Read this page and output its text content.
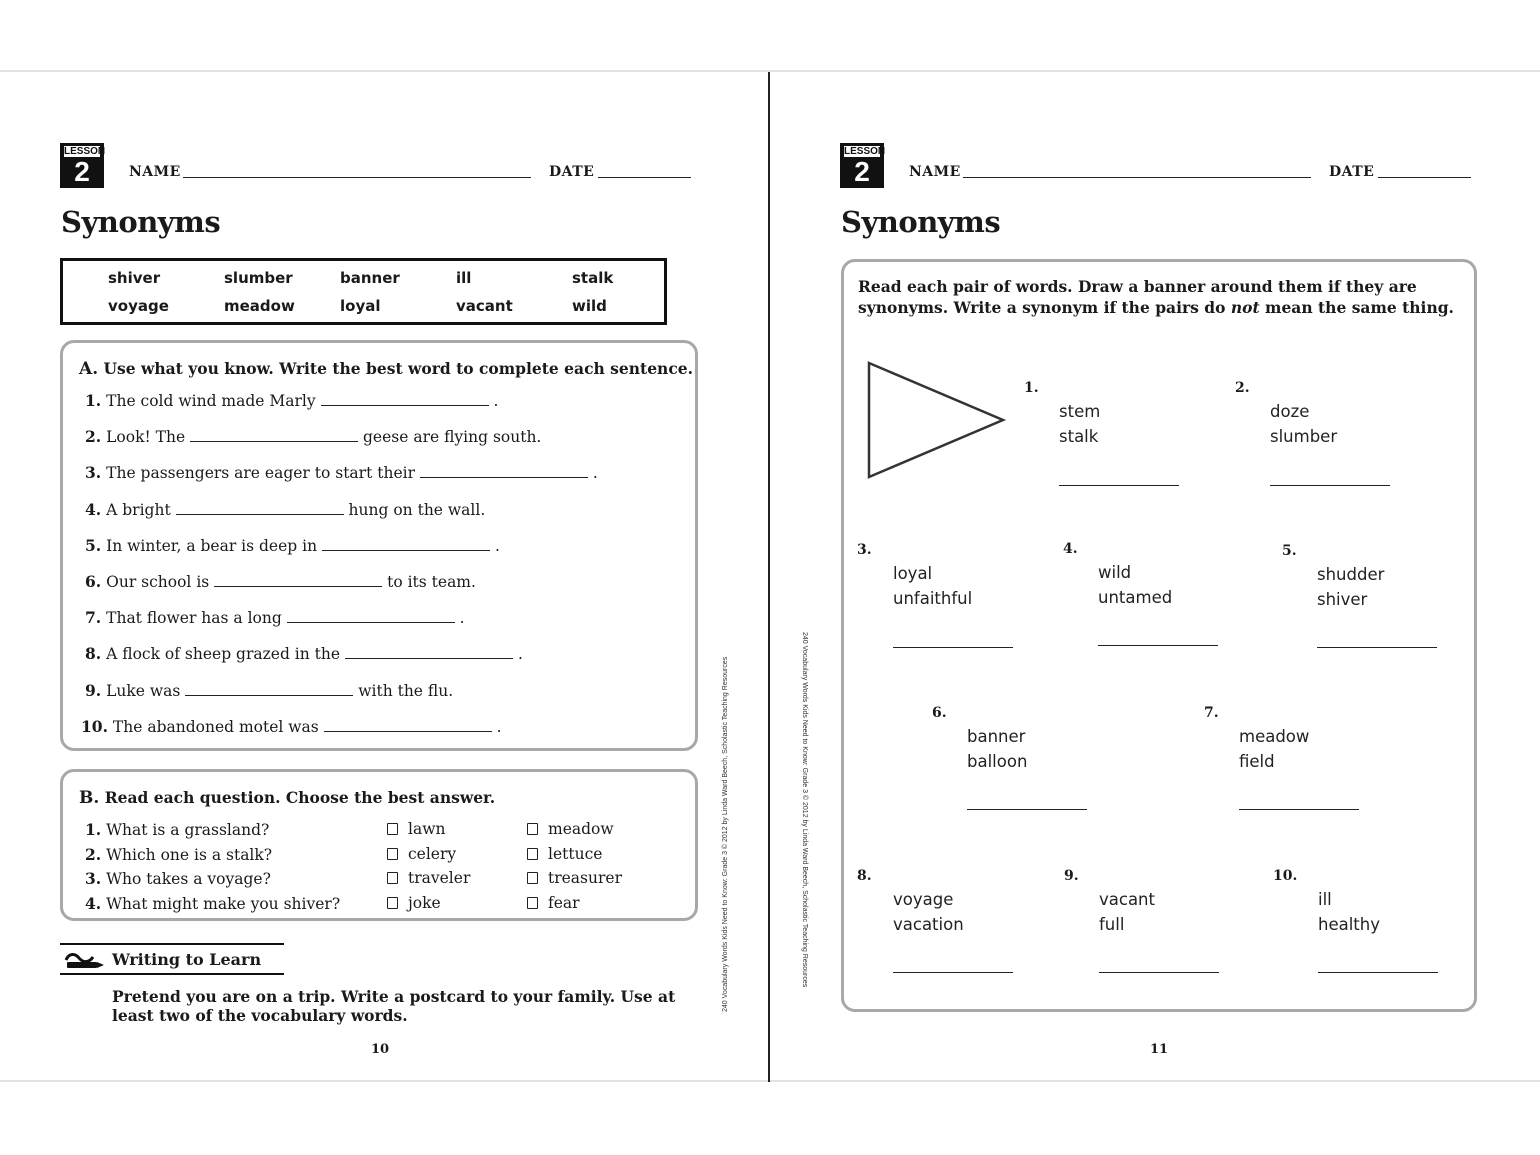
LESSON
2	NAME	DATE
Synonyms
shiver	slumber	banner	ill	stalk
voyage	meadow	loyal	vacant	wild
A. Use what you know. Write the best word to complete each sentence.
1. The cold wind made Marly	.
2. Look! The	geese are flying south.
3. The passengers are eager to start their	.
4. A bright	hung on the wall.
5. In winter, a bear is deep in	.
6. Our school is	to its team.
7. That flower has a long	.
8. A flock of sheep grazed in the	.
9. Luke was	with the flu.
10. The abandoned motel was	.
B. Read each question. Choose the best answer.
1. What is a grassland?	lawn	meadow
2. Which one is a stalk?	celery	lettuce
3. Who takes a voyage?	traveler	treasurer
4. What might make you shiver?	joke	fear
Writing to Learn
Pretend you are on a trip. Write a postcard to your family. Use at
least two of the vocabulary words.
10
240 Vocabulary Words Kids Need to Know: Grade 3 © 2012 by Linda Ward Beech, Scholastic Teaching Resources
LESSON
2	NAME	DATE
Synonyms
Read each pair of words. Draw a banner around them if they are
synonyms. Write a synonym if the pairs do not mean the same thing.
1.
stem
stalk
2.
doze
slumber
3.
loyal
unfaithful
4.
wild
untamed
5.
shudder
shiver
6.
banner
balloon
7.
meadow
field
8.
voyage
vacation
9.
vacant
full
10.
ill
healthy
11
240 Vocabulary Words Kids Need to Know: Grade 3 © 2012 by Linda Ward Beech, Scholastic Teaching Resources
